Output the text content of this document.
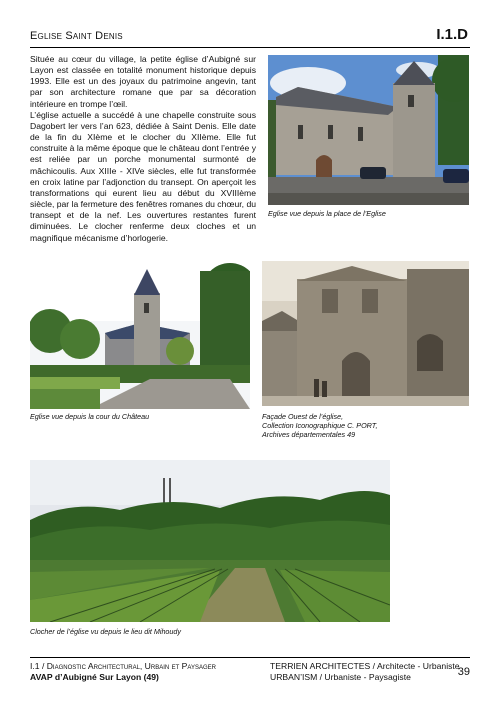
Eglise Saint Denis	I.1.D

Située au cœur du village, la petite église d’Aubigné sur Layon est classée en totalité monument historique depuis 1993. Elle est un des joyaux du patrimoine angevin, tant par son architecture romane que par sa décoration intérieure en trompe l’œil.

L’église actuelle a succédé à une chapelle construite sous Dagobert ler vers l’an 623, dédiée à Saint Denis. Elle date de la fin du XIème et le clocher du XIIème. Elle fut construite à la même époque que le château dont l’entrée y est reliée par un porche monumental surmonté de mâchicoulis. Aux XIIIe - XIVe siècles, elle fut transformée en croix latine par l’adjonction du transept. On aperçoit les transformations qui eurent lieu au début du XVIIIème siècle, par la fermeture des fenêtres romanes du chœur, du transept et de la nef. Les ouvertures restantes furent diminuées. Le clocher renferme deux cloches et un magnifique mécanisme d’horlogerie.

Eglise vue depuis la place de l’Eglise
Eglise vue depuis la cour du Château	Façade Ouest de l’église,
Collection Iconographique C. PORT,
Archives départementales 49
Clocher de l’église vu depuis le lieu dit Mihoudy
I.1 / Diagnostic Architectural, Urbain et Paysager
AVAP d’Aubigné Sur Layon (49)
TERRIEN ARCHITECTES / Architecte - Urbaniste
URBAN’ISM / Urbaniste - Paysagiste	39
